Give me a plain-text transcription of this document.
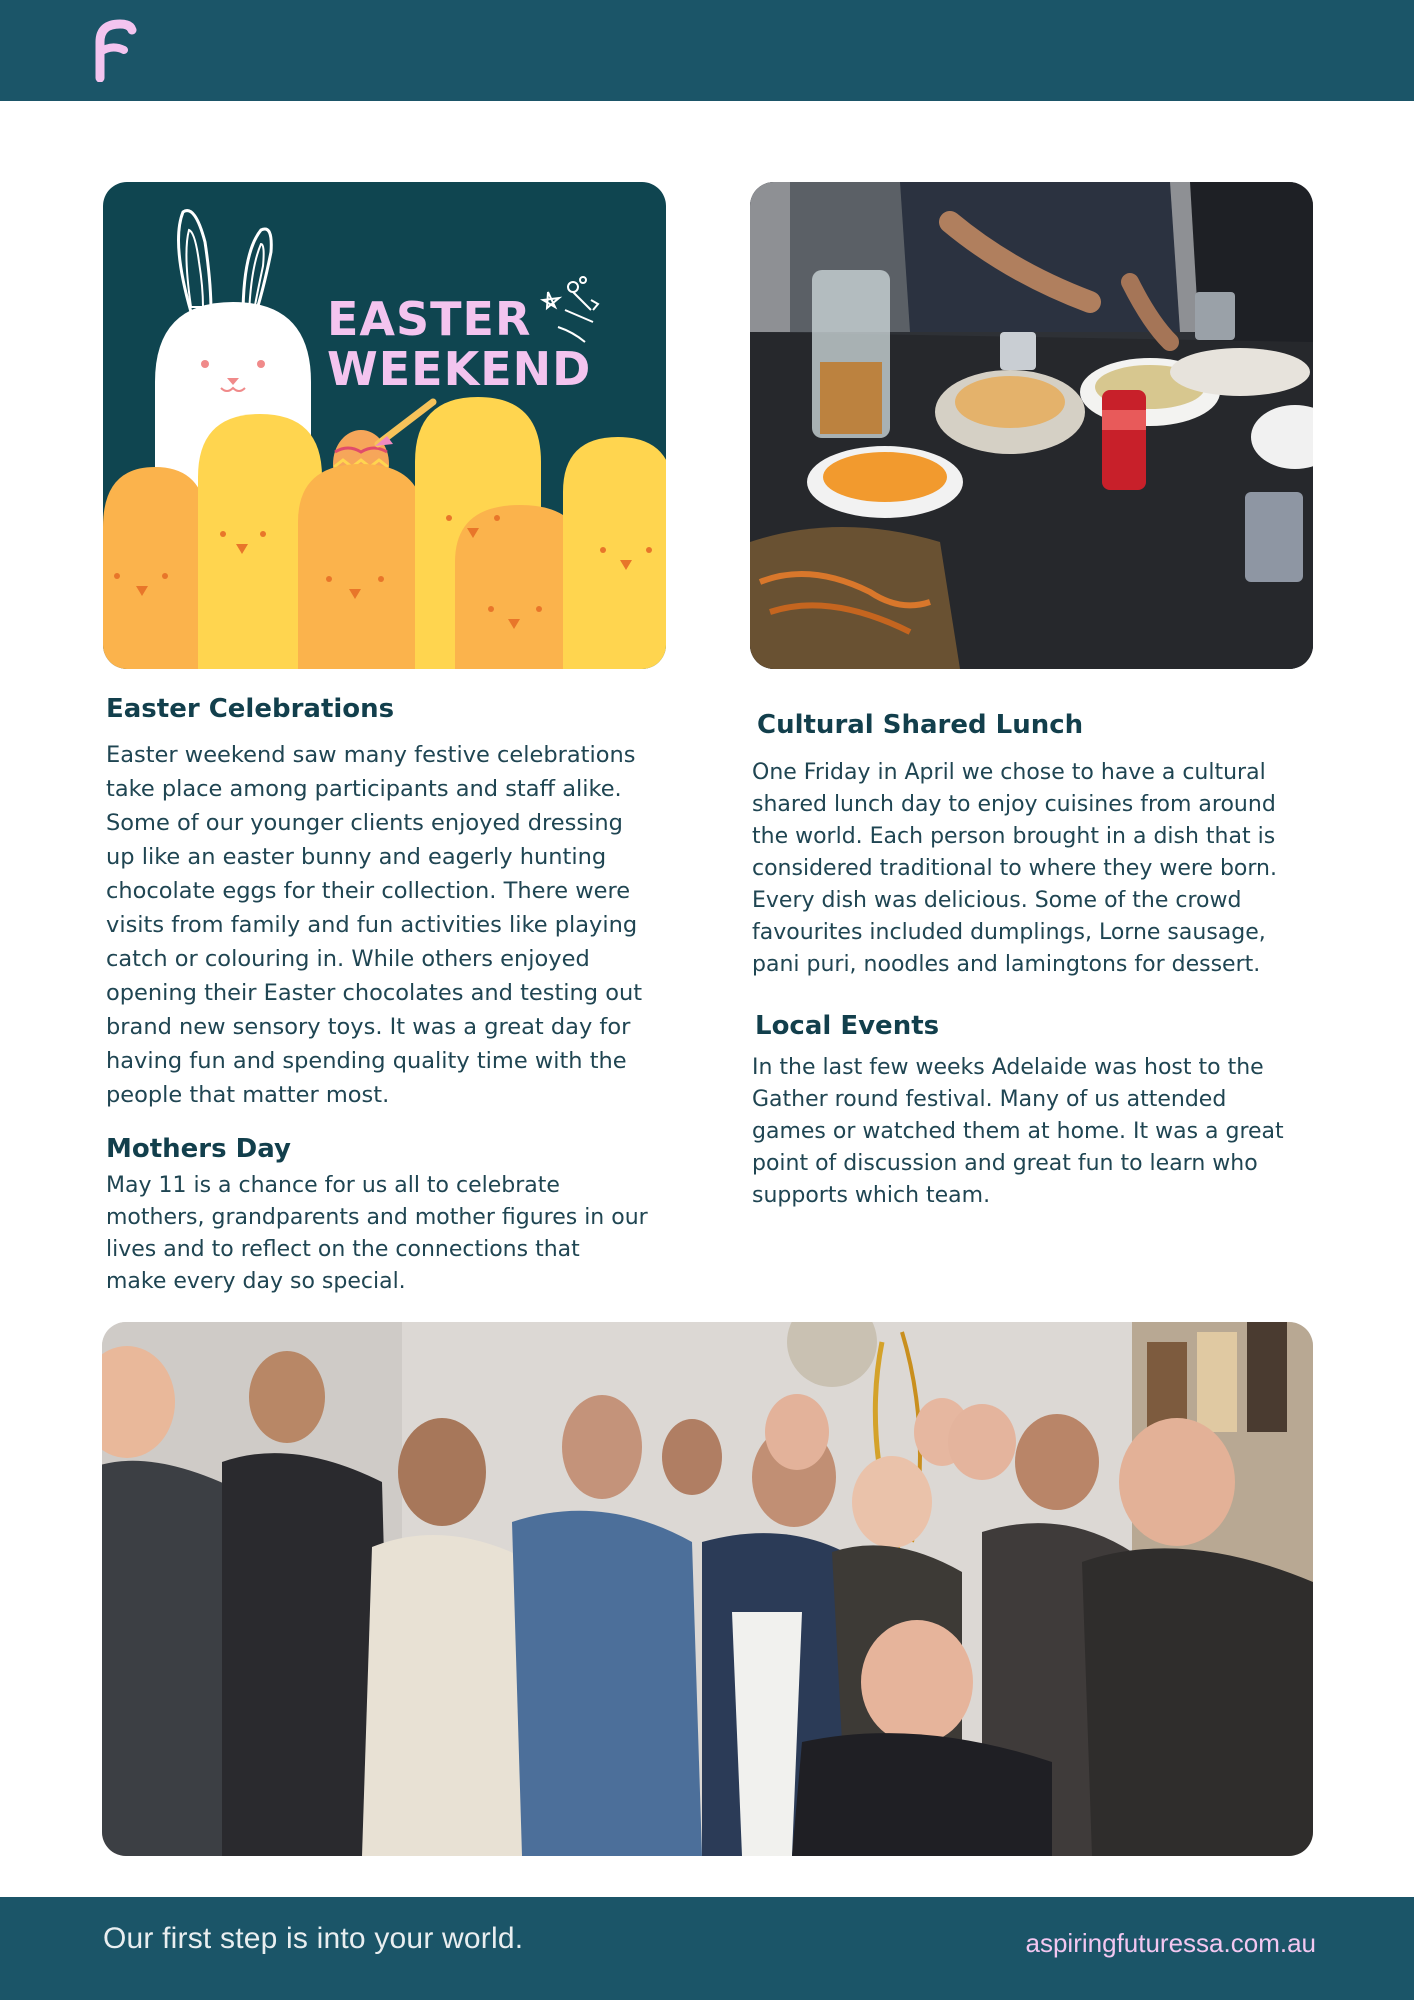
EASTER
WEEKEND
Easter Celebrations
Easter weekend saw many festive celebrations
take place among participants and staff alike.
Some of our younger clients enjoyed dressing
up like an easter bunny and eagerly hunting
chocolate eggs for their collection. There were
visits from family and fun activities like playing
catch or colouring in. While others enjoyed
opening their Easter chocolates and testing out
brand new sensory toys. It was a great day for
having fun and spending quality time with the
people that matter most.
Mothers Day
May 11 is a chance for us all to celebrate
mothers, grandparents and mother figures in our
lives and to reflect on the connections that
make every day so special.
Cultural Shared Lunch
One Friday in April we chose to have a cultural
shared lunch day to enjoy cuisines from around
the world. Each person brought in a dish that is
considered traditional to where they were born.
Every dish was delicious. Some of the crowd
favourites included dumplings, Lorne sausage,
pani puri, noodles and lamingtons for dessert.
Local Events
In the last few weeks Adelaide was host to the
Gather round festival. Many of us attended
games or watched them at home. It was a great
point of discussion and great fun to learn who
supports which team.
Our first step is into your world.	aspiringfuturessa.com.au
